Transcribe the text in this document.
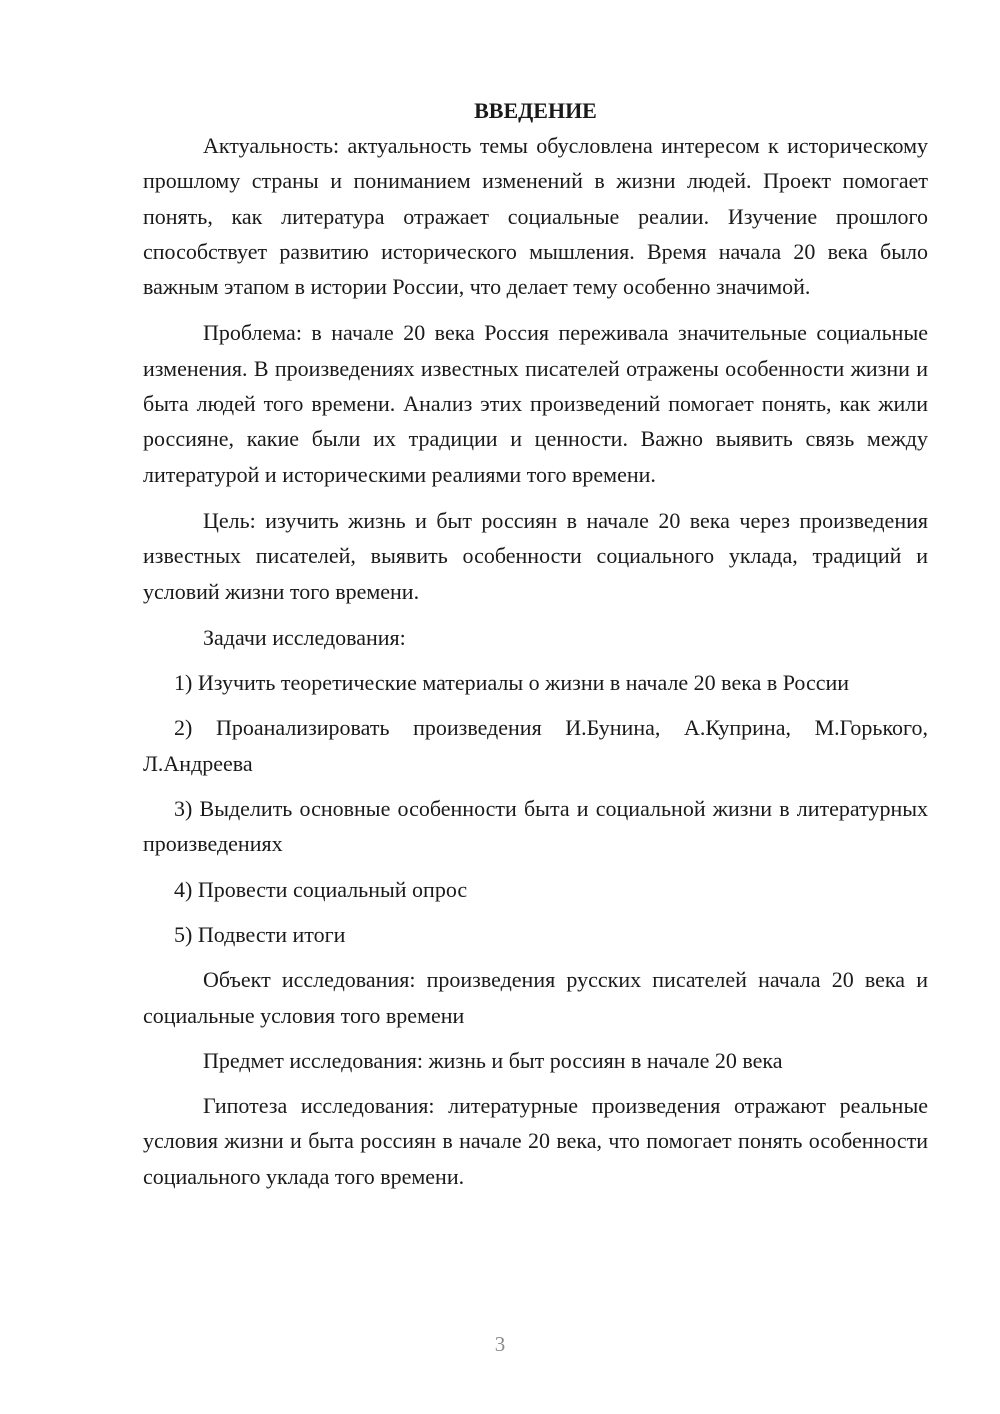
ВВЕДЕНИЕ

Актуальность: актуальность темы обусловлена интересом к историческому прошлому страны и пониманием изменений в жизни людей. Проект помогает понять, как литература отражает социальные реалии. Изучение прошлого способствует развитию исторического мышления. Время начала 20 века было важным этапом в истории России, что делает тему особенно значимой.

Проблема: в начале 20 века Россия переживала значительные социальные изменения. В произведениях известных писателей отражены особенности жизни и быта людей того времени. Анализ этих произведений помогает понять, как жили россияне, какие были их традиции и ценности. Важно выявить связь между литературой и историческими реалиями того времени.

Цель: изучить жизнь и быт россиян в начале 20 века через произведения известных писателей, выявить особенности социального уклада, традиций и условий жизни того времени.

Задачи исследования:

1) Изучить теоретические материалы о жизни в начале 20 века в России

2) Проанализировать произведения И.Бунина, А.Куприна, М.Горького, Л.Андреева

3) Выделить основные особенности быта и социальной жизни в литературных произведениях

4) Провести социальный опрос

5) Подвести итоги

Объект исследования: произведения русских писателей начала 20 века и социальные условия того времени

Предмет исследования: жизнь и быт россиян в начале 20 века

Гипотеза исследования: литературные произведения отражают реальные условия жизни и быта россиян в начале 20 века, что помогает понять особенности социального уклада того времени.

3
